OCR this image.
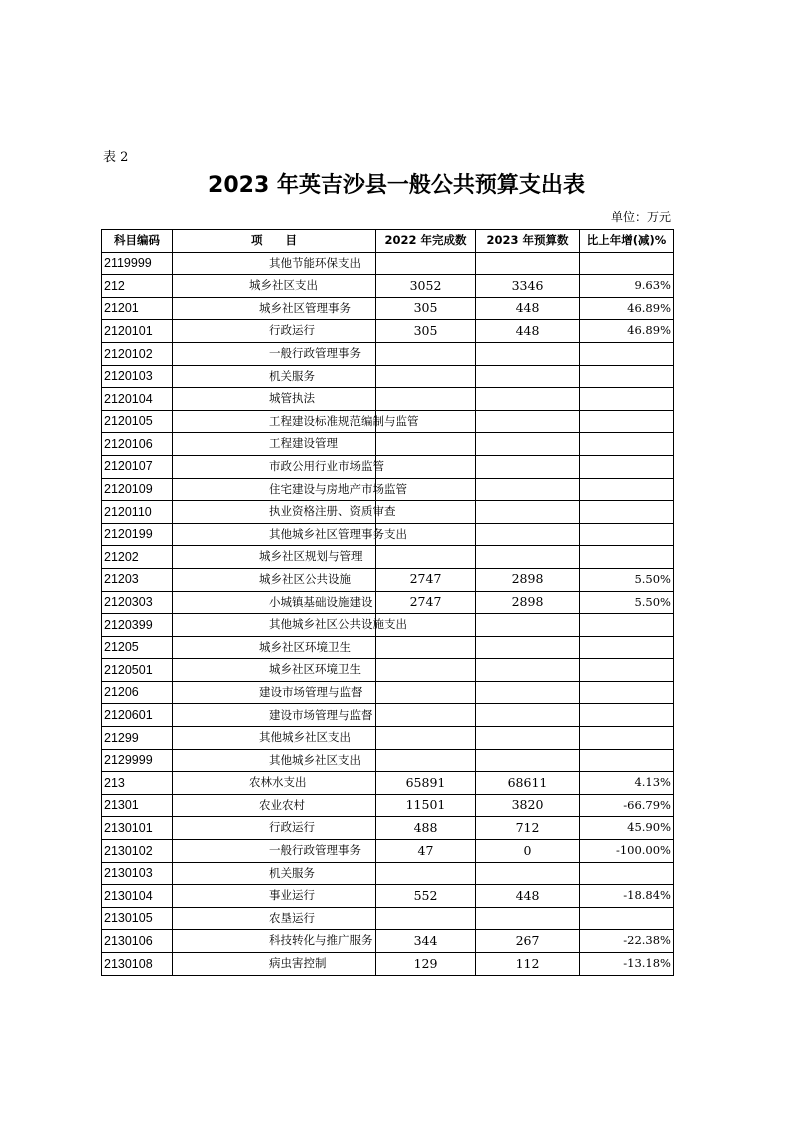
表 2
2023 年英吉沙县一般公共预算支出表
单位：万元
科目编码	项　　目	2022 年完成数	2023 年预算数	比上年增(减)%
2119999	其他节能环保支出			
212	城乡社区支出	3052	3346	9.63%
21201	城乡社区管理事务	305	448	46.89%
2120101	行政运行	305	448	46.89%
2120102	一般行政管理事务			
2120103	机关服务			
2120104	城管执法			
2120105	工程建设标准规范编制与监管			
2120106	工程建设管理			
2120107	市政公用行业市场监管			
2120109	住宅建设与房地产市场监管			
2120110	执业资格注册、资质审查			
2120199	其他城乡社区管理事务支出			
21202	城乡社区规划与管理			
21203	城乡社区公共设施	2747	2898	5.50%
2120303	小城镇基础设施建设	2747	2898	5.50%
2120399	其他城乡社区公共设施支出			
21205	城乡社区环境卫生			
2120501	城乡社区环境卫生			
21206	建设市场管理与监督			
2120601	建设市场管理与监督			
21299	其他城乡社区支出			
2129999	其他城乡社区支出			
213	农林水支出	65891	68611	4.13%
21301	农业农村	11501	3820	-66.79%
2130101	行政运行	488	712	45.90%
2130102	一般行政管理事务	47	0	-100.00%
2130103	机关服务			
2130104	事业运行	552	448	-18.84%
2130105	农垦运行			
2130106	科技转化与推广服务	344	267	-22.38%
2130108	病虫害控制	129	112	-13.18%
